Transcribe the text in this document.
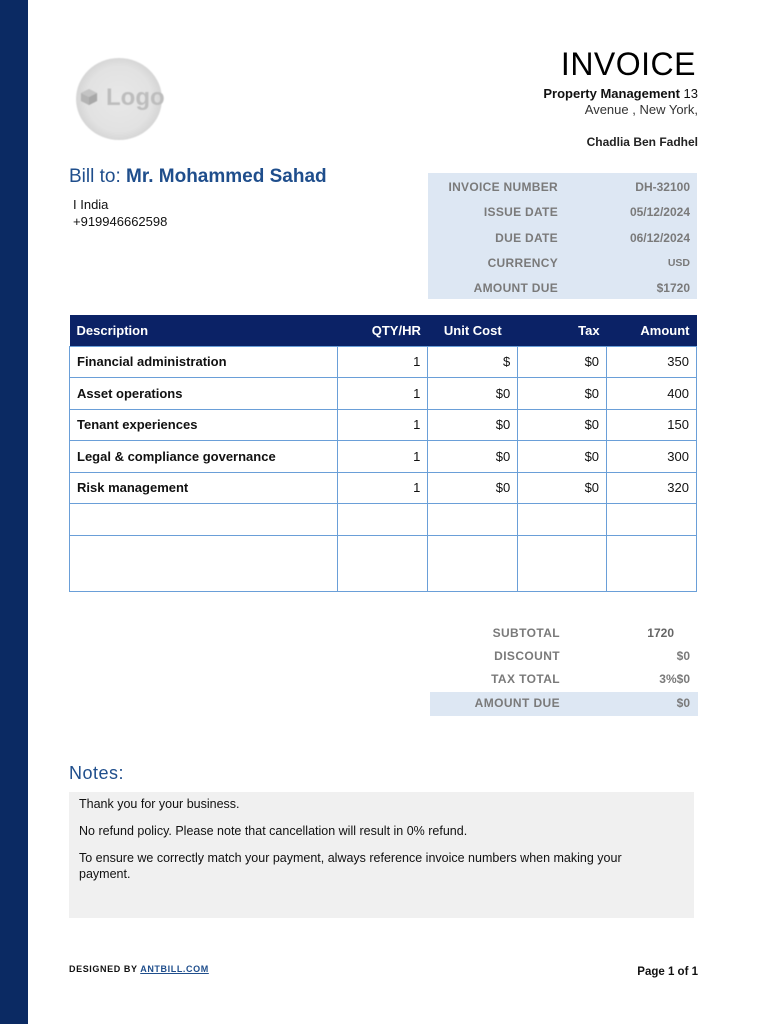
Logo
INVOICE
Property Management 13
Avenue , New York,
Chadlia Ben Fadhel
Bill to: Mr. Mohammed Sahad
I India
+919946662598
INVOICE NUMBER	DH-32100
ISSUE DATE	05/12/2024
DUE DATE	06/12/2024
CURRENCY	USD
AMOUNT DUE	$1720
Description	QTY/HR	Unit Cost	Tax	Amount
Financial administration	1	$	$0	350
Asset operations	1	$0	$0	400
Tenant experiences	1	$0	$0	150
Legal & compliance governance	1	$0	$0	300
Risk management	1	$0	$0	320

SUBTOTAL	1720
DISCOUNT	$0
TAX TOTAL	3%$0
AMOUNT DUE	$0
Notes:

Thank you for your business.

No refund policy. Please note that cancellation will result in 0% refund.

To ensure we correctly match your payment, always reference invoice numbers when making your payment.

DESIGNED BY ANTBILL.COM	Page 1 of 1
